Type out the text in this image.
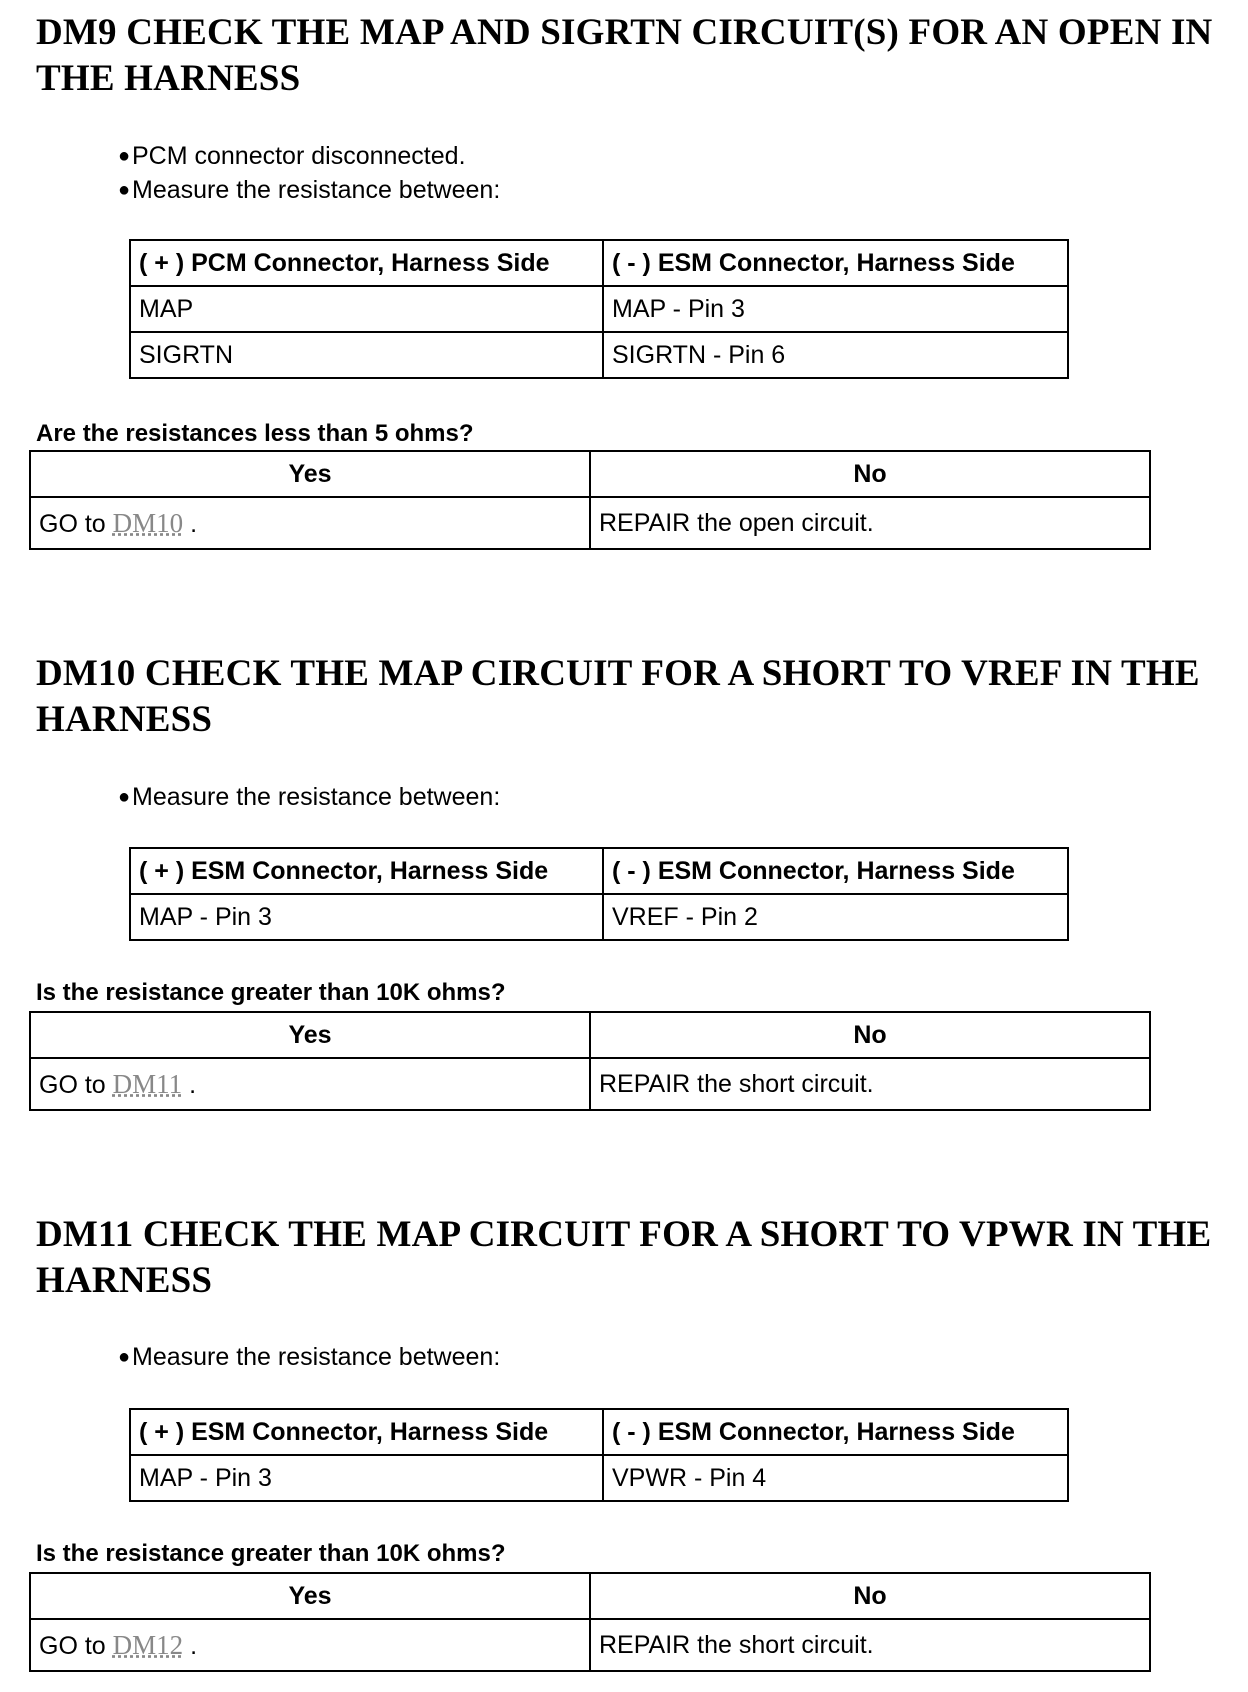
DM9 CHECK THE MAP AND SIGRTN CIRCUIT(S) FOR AN OPEN IN THE HARNESS
●PCM connector disconnected.
●Measure the resistance between:
( + ) PCM Connector, Harness Side	( - ) ESM Connector, Harness Side
MAP	MAP - Pin 3
SIGRTN	SIGRTN - Pin 6

Are the resistances less than 5 ohms?

Yes	No
GO to DM10 .	REPAIR the open circuit.
DM10 CHECK THE MAP CIRCUIT FOR A SHORT TO VREF IN THE HARNESS
●Measure the resistance between:
( + ) ESM Connector, Harness Side	( - ) ESM Connector, Harness Side
MAP - Pin 3	VREF - Pin 2

Is the resistance greater than 10K ohms?

Yes	No
GO to DM11 .	REPAIR the short circuit.
DM11 CHECK THE MAP CIRCUIT FOR A SHORT TO VPWR IN THE HARNESS
●Measure the resistance between:
( + ) ESM Connector, Harness Side	( - ) ESM Connector, Harness Side
MAP - Pin 3	VPWR - Pin 4

Is the resistance greater than 10K ohms?

Yes	No
GO to DM12 .	REPAIR the short circuit.
